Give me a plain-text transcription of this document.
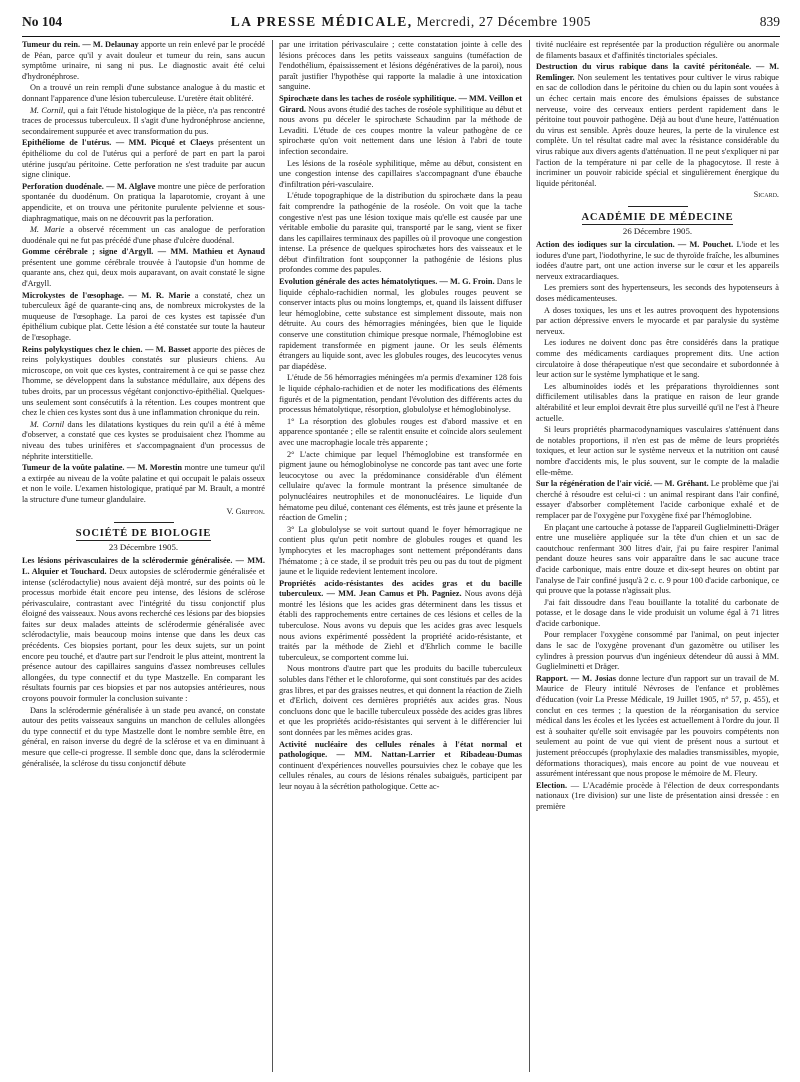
No 104	LA PRESSE MÉDICALE, Mercredi, 27 Décembre 1905	839

Tumeur du rein. — M. Delaunay apporte un rein enlevé par le procédé de Péan, parce qu'il y avait douleur et tumeur du rein, sans aucun symptôme urinaire, ni sang ni pus. Le diagnostic avait été celui d'hydronéphrose.

On a trouvé un rein rempli d'une substance analogue à du mastic et donnant l'apparence d'une lésion tuberculeuse. L'uretère était oblitéré.

M. Cornil, qui a fait l'étude histologique de la pièce, n'a pas rencontré traces de processus tuberculeux. Il s'agit d'une hydronéphrose ancienne, secondairement suppurée et avec transformation du pus.

Epithéliome de l'utérus. — MM. Picqué et Claeys présentent un épithéliome du col de l'utérus qui a perforé de part en part la paroi utérine jusqu'au péritoine. Cette perforation ne s'est traduite par aucun signe clinique.

Perforation duodénale. — M. Alglave montre une pièce de perforation spontanée du duodénum. On pratiqua la laparotomie, croyant à une appendicite, et on trouva une péritonite purulente pelvienne et sous-diaphragmatique, mais on ne découvrit pas la perforation.

M. Marie a observé récemment un cas analogue de perforation duodénale qui ne fut pas précédé d'une phase d'ulcère duodénal.

Gomme cérébrale ; signe d'Argyll. — MM. Mathieu et Aynaud présentent une gomme cérébrale trouvée à l'autopsie d'un homme de quarante ans, chez qui, deux mois auparavant, on avait constaté le signe d'Argyll.

Microkystes de l'œsophage. — M. R. Marie a constaté, chez un tuberculeux âgé de quarante-cinq ans, de nombreux microkystes de la muqueuse de l'œsophage. La paroi de ces kystes est tapissée d'un épithélium cubique plat. Cette lésion a été constatée sur toute la hauteur de l'œsophage.

Reins polykystiques chez le chien. — M. Basset apporte des pièces de reins polykystiques doubles constatés sur plusieurs chiens. Au microscope, on voit que ces kystes, contrairement à ce qui se passe chez l'homme, se développent dans la substance médullaire, aux dépens des tubes droits, par un processus végétant conjonctivo-épithélial. Quelques-uns seulement sont consécutifs à la rétention. Les coupes montrent que chez le chien ces kystes sont dus à une inflammation chronique du rein.

M. Cornil dans les dilatations kystiques du rein qu'il a été à même d'observer, a constaté que ces kystes se produisaient chez l'homme au niveau des tubes urinifères et s'accompagnaient d'un processus de néphrite interstitielle.

Tumeur de la voûte palatine. — M. Morestin montre une tumeur qu'il a extirpée au niveau de la voûte palatine et qui occupait le palais osseux et non le voile. L'examen histologique, pratiqué par M. Brault, a montré la structure d'une tumeur glandulaire.

V. Griffon.

SOCIÉTÉ DE BIOLOGIE
23 Décembre 1905.

Les lésions périvasculaires de la sclérodermie généralisée. — MM. L. Alquier et Touchard. Deux autopsies de sclérodermie généralisée et intense (sclérodactylie) nous avaient déjà montré, sur des points où le processus morbide était encore peu intense, des lésions de sclérose périvasculaire, contrastant avec l'intégrité du tissu conjonctif plus éloigné des vaisseaux. Nous avons recherché ces lésions par des biopsies faites sur deux malades atteints de sclérodermie généralisée avec sclérodactylie, mais beaucoup moins intense que dans les deux cas précédents. Ces biopsies portant, pour les deux sujets, sur un point encore peu touché, et d'autre part sur l'endroit le plus atteint, montrent la présence autour des capillaires sanguins d'assez nombreuses cellules allongées, du type connectif et du type Mastzelle. En comparant les résultats fournis par ces biopsies et par nos autopsies antérieures, nous croyons pouvoir formuler la conclusion suivante :

Dans la sclérodermie généralisée à un stade peu avancé, on constate autour des petits vaisseaux sanguins un manchon de cellules allongées du type connectif et du type Mastzelle dont le nombre semble être, en général, en raison inverse du degré de la sclérose et va en diminuant à mesure que celle-ci progresse. Il semble donc que, dans la sclérodermie généralisée, la sclérose du tissu conjonctif débute

par une irritation périvasculaire ; cette constatation jointe à celle des lésions précoces dans les petits vaisseaux sanguins (tuméfaction de l'endothélium, épaississement et lésions dégénératives de la paroi), nous paraît justifier l'hypothèse qui rapporte la maladie à une intoxication sanguine.

Spirochæte dans les taches de roséole syphilitique. — MM. Veillon et Girard. Nous avons étudié des taches de roséole syphilitique au début et nous avons pu déceler le spirochæte Schaudinn par la méthode de Levaditi. L'étude de ces coupes montre la valeur pathogène de ce spirochæte qu'on voit nettement dans une lésion à l'abri de toute infection secondaire.

Les lésions de la roséole syphilitique, même au début, consistent en une congestion intense des capillaires s'accompagnant d'une ébauche d'infiltration péri-vasculaire.

L'étude topographique de la distribution du spirochæte dans la peau fait comprendre la pathogénie de la roséole. On voit que la tache congestive n'est pas une lésion toxique mais qu'elle est causée par une véritable embolie du parasite qui, transporté par le sang, vient se fixer dans les capillaires terminaux des papilles où il provoque une congestion intense. La présence de quelques spirochætes hors des vaisseaux et le début d'infiltration font soupçonner la pathogénie de lésions plus profondes comme des papules.

Evolution générale des actes hématolytiques. — M. G. Froin. Dans le liquide céphalo-rachidien normal, les globules rouges peuvent se conserver intacts plus ou moins longtemps, et, quand ils laissent diffuser leur hémoglobine, cette substance est simplement dissoute, mais non détruite. Au cours des hémorragies méningées, bien que le liquide conserve une constitution chimique presque normale, l'hémoglobine est rapidement transformée en pigment jaune. Or les seuls éléments étrangers au liquide sont, avec les globules rouges, des leucocytes venus par diapédèse.

L'étude de 56 hémorragies méningées m'a permis d'examiner 128 fois le liquide céphalo-rachidien et de noter les modifications des éléments figurés et de la pigmentation, pendant l'évolution des différents actes du processus hématolytique, résorption, globulolyse et hémoglobinolyse.

1° La résorption des globules rouges est d'abord massive et en apparence spontanée ; elle se ralentit ensuite et coïncide alors seulement avec une macrophagie locale très apparente ;

2° L'acte chimique par lequel l'hémoglobine est transformée en pigment jaune ou hémoglobinolyse ne concorde pas tant avec une forte leucocytose ou avec la prédominance considérable d'un élément cellulaire qu'avec la formule montrant la présence simultanée de polynucléaires neutrophiles et de mononucléaires. Le liquide d'un hématome peu dilué, contenant ces éléments, est très jaune et présente la réaction de Gmelin ;

3° La globulolyse se voit surtout quand le foyer hémorragique ne contient plus qu'un petit nombre de globules rouges et quand les lymphocytes et les macrophages sont nettement prépondérants dans l'hématome ; à ce stade, il se produit très peu ou pas du tout de pigment jaune et le liquide redevient lentement incolore.

Propriétés acido-résistantes des acides gras et du bacille tuberculeux. — MM. Jean Camus et Ph. Pagniez. Nous avons déjà montré les lésions que les acides gras déterminent dans les tissus et établi des rapprochements entre certaines de ces lésions et celles de la tuberculose. Nous avons vu depuis que les acides gras avec lesquels nous avions expérimenté possèdent la propriété acido-résistante, et traités par la méthode de Ziehl et d'Ehrlich comme le bacille tuberculeux, se comportent comme lui.

Nous montrons d'autre part que les produits du bacille tuberculeux solubles dans l'éther et le chloroforme, qui sont constitués par des acides gras libres, et par des graisses neutres, et qui donnent la réaction de Zielh et d'Erlich, doivent ces dernières propriétés aux acides gras. Nous concluons donc que le bacille tuberculeux possède des acides gras libres et que les propriétés acido-résistantes qui servent à le différencier lui sont données par les mêmes acides gras.

Activité nucléaire des cellules rénales à l'état normal et pathologique. — MM. Nattan-Larrier et Ribadeau-Dumas continuent d'expériences nouvelles poursuivies chez le cobaye que les cellules rénales, au cours de lésions rénales subaiguës, participent par leur noyau à la sécrétion pathologique. Cette ac-

tivité nucléaire est représentée par la production régulière ou anormale de filaments basaux et d'affinités tinctoriales spéciales.

Destruction du virus rabique dans la cavité péritonéale. — M. Remlinger. Non seulement les tentatives pour cultiver le virus rabique en sac de collodion dans le péritoine du chien ou du lapin sont vouées à un échec certain mais encore des émulsions épaisses de substance nerveuse, voire des cerveaux entiers perdent rapidement dans le péritoine tout pouvoir pathogène. Déjà au bout d'une heure, l'atténuation du virus est sensible. Après douze heures, la perte de la virulence est complète. Un tel résultat cadre mal avec la résistance considérable du virus rabique aux divers agents d'atténuation. Il ne peut s'expliquer ni par l'action de la température ni par celle de la phagocytose. Il reste à incriminer un pouvoir rabicide spécial et singulièrement énergique du liquide péritonéal.

Sicard.

ACADÉMIE DE MÉDECINE
26 Décembre 1905.

Action des iodiques sur la circulation. — M. Pouchet. L'iode et les iodures d'une part, l'iodothyrine, le suc de thyroïde fraîche, les albumines iodées d'autre part, ont une action inverse sur le cœur et les appareils nerveux extracardiaques.

Les premiers sont des hypertenseurs, les seconds des hypotenseurs à doses médicamenteuses.

A doses toxiques, les uns et les autres provoquent des hypotensions par action dépressive envers le myocarde et par paralysie du système nerveux.

Les iodures ne doivent donc pas être considérés dans la pratique comme des médicaments cardiaques proprement dits. Une action circulatoire à dose thérapeutique n'est que secondaire et subordonnée à leur action sur le système lymphatique et le sang.

Les albuminoïdes iodés et les préparations thyroïdiennes sont difficilement utilisables dans la pratique en raison de leur grande altérabilité et leur emploi devrait être plus surveillé qu'il ne l'est à l'heure actuelle.

Si leurs propriétés pharmacodynamiques vasculaires s'atténuent dans de notables proportions, il n'en est pas de même de leurs propriétés toxiques, et leur action sur le système nerveux et la nutrition ont causé nombre d'accidents mis, le plus souvent, sur le compte de la maladie elle-même.

Sur la régénération de l'air vicié. — M. Gréhant. Le problème que j'ai cherché à résoudre est celui-ci : un animal respirant dans l'air confiné, essayer d'absorber complètement l'acide carbonique exhalé et de remplacer par de l'oxygène pur l'oxygène fixé par l'hémoglobine.

En plaçant une cartouche à potasse de l'appareil Guglielminetti-Dräger entre une muselière appliquée sur la tête d'un chien et un sac de caoutchouc renfermant 300 litres d'air, j'ai pu faire respirer l'animal pendant douze heures sans voir apparaître dans le sac aucune trace d'acide carbonique, mais entre douze et dix-sept heures on obtint par l'analyse de l'air confiné jusqu'à 2 c. c. 9 pour 100 d'acide carbonique, ce qui prouve que la potasse n'agissait plus.

J'ai fait dissoudre dans l'eau bouillante la totalité du carbonate de potasse, et le dosage dans le vide produisit un volume égal à 71 litres d'acide carbonique.

Pour remplacer l'oxygène consommé par l'animal, on peut injecter dans le sac de l'oxygène provenant d'un gazomètre ou utiliser les cylindres à pression pourvus d'un ingénieux détendeur dû aussi à MM. Guglielminetti et Dräger.

Rapport. — M. Josias donne lecture d'un rapport sur un travail de M. Maurice de Fleury intitulé Névroses de l'enfance et problèmes d'éducation (voir La Presse Médicale, 19 Juillet 1905, n° 57, p. 455), et conclut en ces termes ; la question de la réorganisation du service médical dans les écoles et les lycées est actuellement à l'ordre du jour. Il est à souhaiter qu'elle soit envisagée par les pouvoirs compétents non seulement au point de vue qui vient de présent nous a surtout et justement préoccupés (prophylaxie des maladies transmissibles, myopie, déformations thoraciques), mais encore au point de vue nouveau et assurément intéressant que nous propose le mémoire de M. Fleury.

Election. — L'Académie procède à l'élection de deux correspondants nationaux (1re division) sur une liste de présentation ainsi dressée : en première
